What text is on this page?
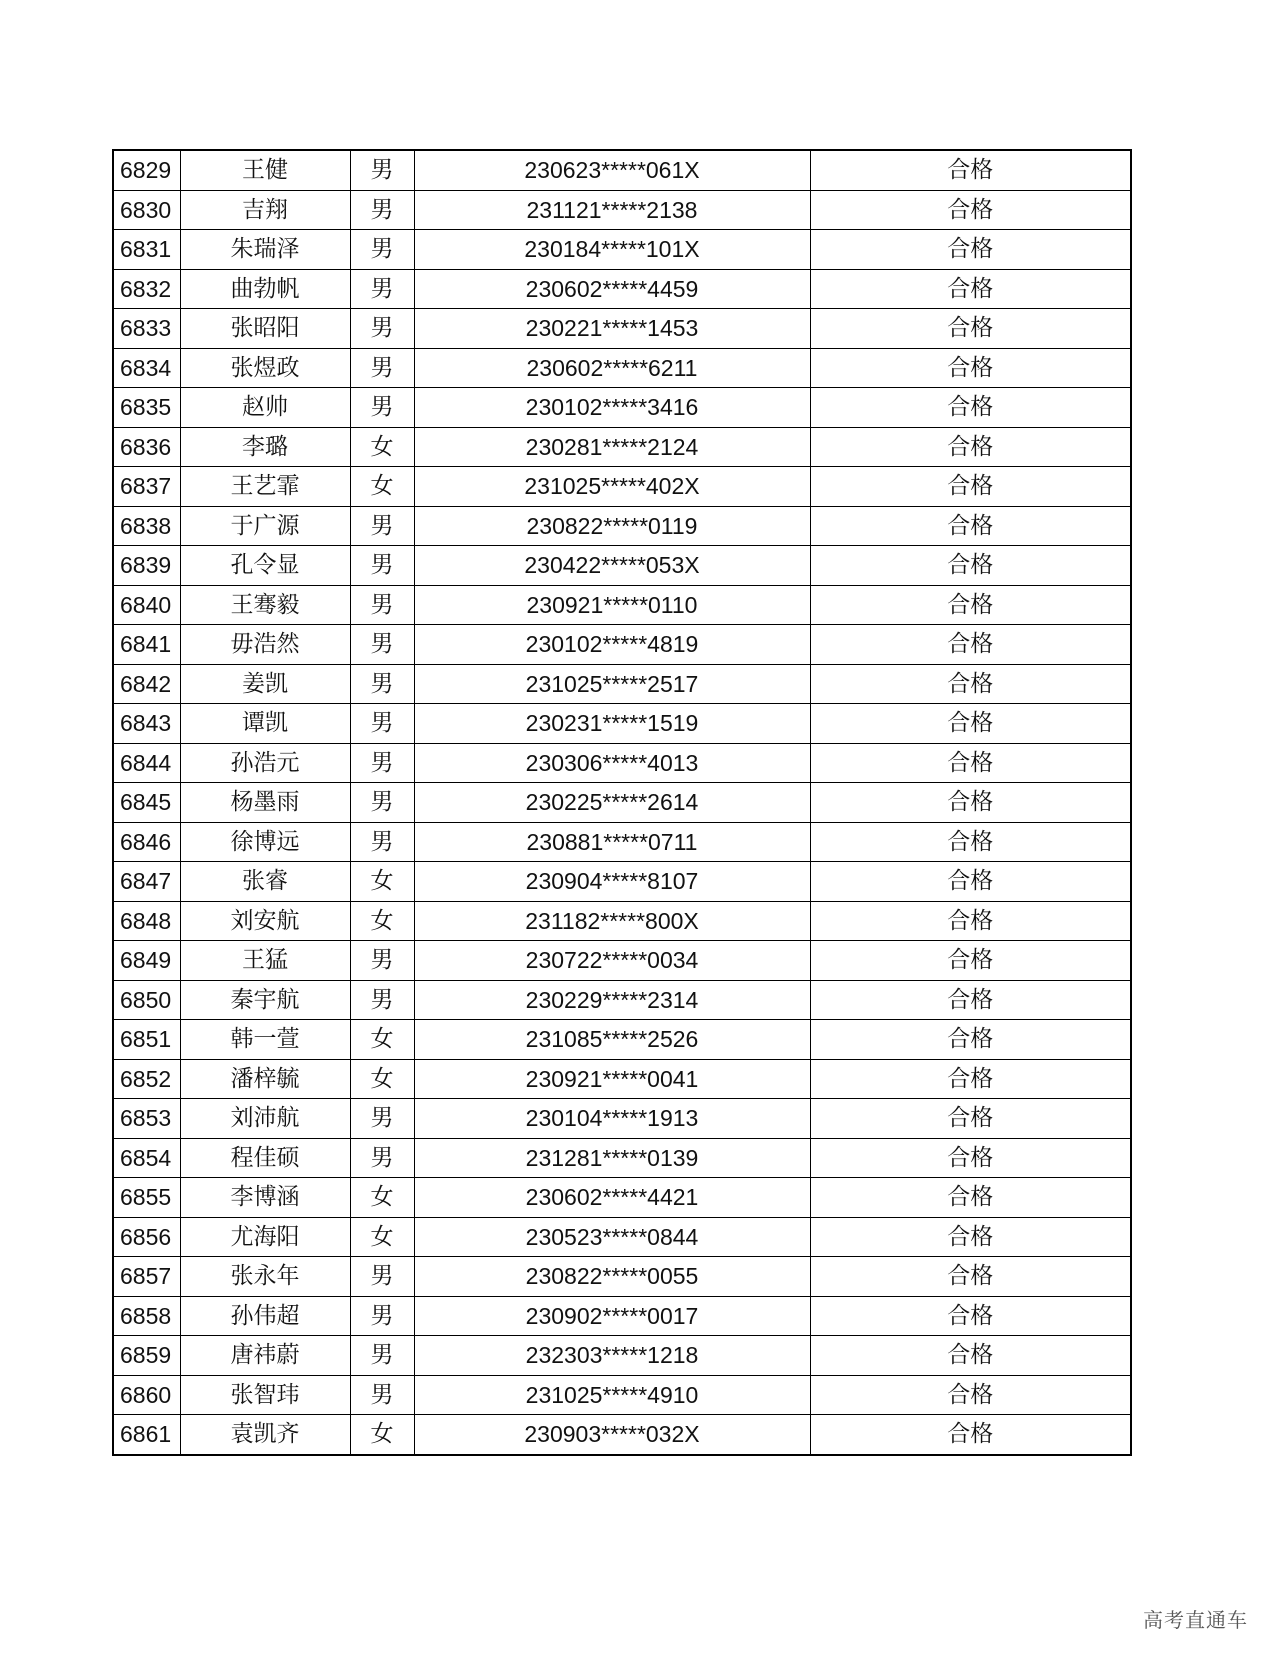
6829	王健	男	230623*****061X	合格
6830	吉翔	男	231121*****2138	合格
6831	朱瑞泽	男	230184*****101X	合格
6832	曲勃帆	男	230602*****4459	合格
6833	张昭阳	男	230221*****1453	合格
6834	张煜政	男	230602*****6211	合格
6835	赵帅	男	230102*****3416	合格
6836	李璐	女	230281*****2124	合格
6837	王艺霏	女	231025*****402X	合格
6838	于广源	男	230822*****0119	合格
6839	孔令显	男	230422*****053X	合格
6840	王骞毅	男	230921*****0110	合格
6841	毋浩然	男	230102*****4819	合格
6842	姜凯	男	231025*****2517	合格
6843	谭凯	男	230231*****1519	合格
6844	孙浩元	男	230306*****4013	合格
6845	杨墨雨	男	230225*****2614	合格
6846	徐博远	男	230881*****0711	合格
6847	张睿	女	230904*****8107	合格
6848	刘安航	女	231182*****800X	合格
6849	王猛	男	230722*****0034	合格
6850	秦宇航	男	230229*****2314	合格
6851	韩一萱	女	231085*****2526	合格
6852	潘梓毓	女	230921*****0041	合格
6853	刘沛航	男	230104*****1913	合格
6854	程佳硕	男	231281*****0139	合格
6855	李博涵	女	230602*****4421	合格
6856	尤海阳	女	230523*****0844	合格
6857	张永年	男	230822*****0055	合格
6858	孙伟超	男	230902*****0017	合格
6859	唐祎蔚	男	232303*****1218	合格
6860	张智玮	男	231025*****4910	合格
6861	袁凯齐	女	230903*****032X	合格
高考直通车
